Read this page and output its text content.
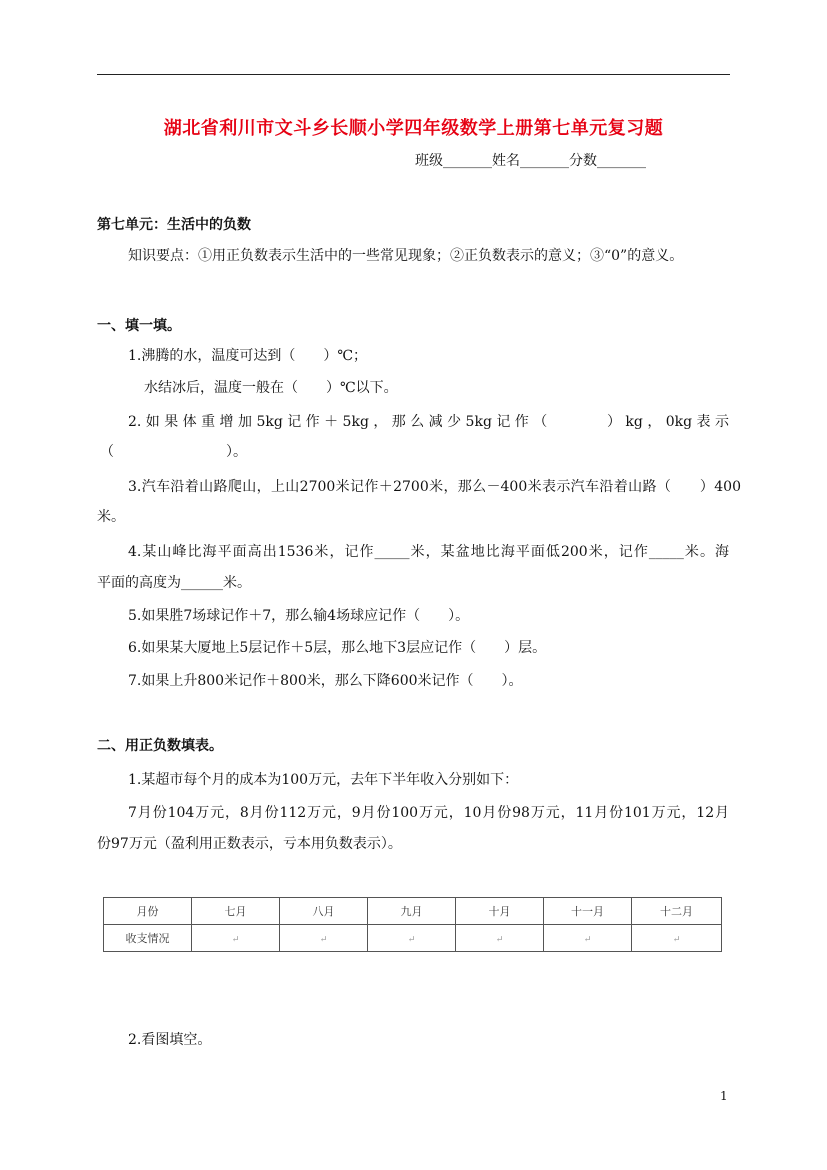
湖北省利川市文斗乡长顺小学四年级数学上册第七单元复习题
班级_______姓名_______分数_______
第七单元：生活中的负数
知识要点：①用正负数表示生活中的一些常见现象；②正负数表示的意义；③“0”的意义。
一、填一填。
1.沸腾的水，温度可达到（　　）℃；
水结冰后，温度一般在（　　）℃以下。
2.如果体重增加5kg记作＋5kg，那么减少5kg记作（　　　）kg，0kg表示
（　　　　　　　　）。
3.汽车沿着山路爬山，上山2700米记作＋2700米，那么－400米表示汽车沿着山路（　　）400
米。
4.某山峰比海平面高出1536米，记作_____米，某盆地比海平面低200米，记作_____米。海
平面的高度为______米。
5.如果胜7场球记作＋7，那么输4场球应记作（　　）。
6.如果某大厦地上5层记作＋5层，那么地下3层应记作（　　）层。
7.如果上升800米记作＋800米，那么下降600米记作（　　）。
二、用正负数填表。
1.某超市每个月的成本为100万元，去年下半年收入分别如下：
7月份104万元，8月份112万元，9月份100万元，10月份98万元，11月份101万元，12月
份97万元（盈利用正数表示，亏本用负数表示）。
月份	七月	八月	九月	十月	十一月	十二月
收支情况	↵	↵	↵	↵	↵	↵
2.看图填空。
1
